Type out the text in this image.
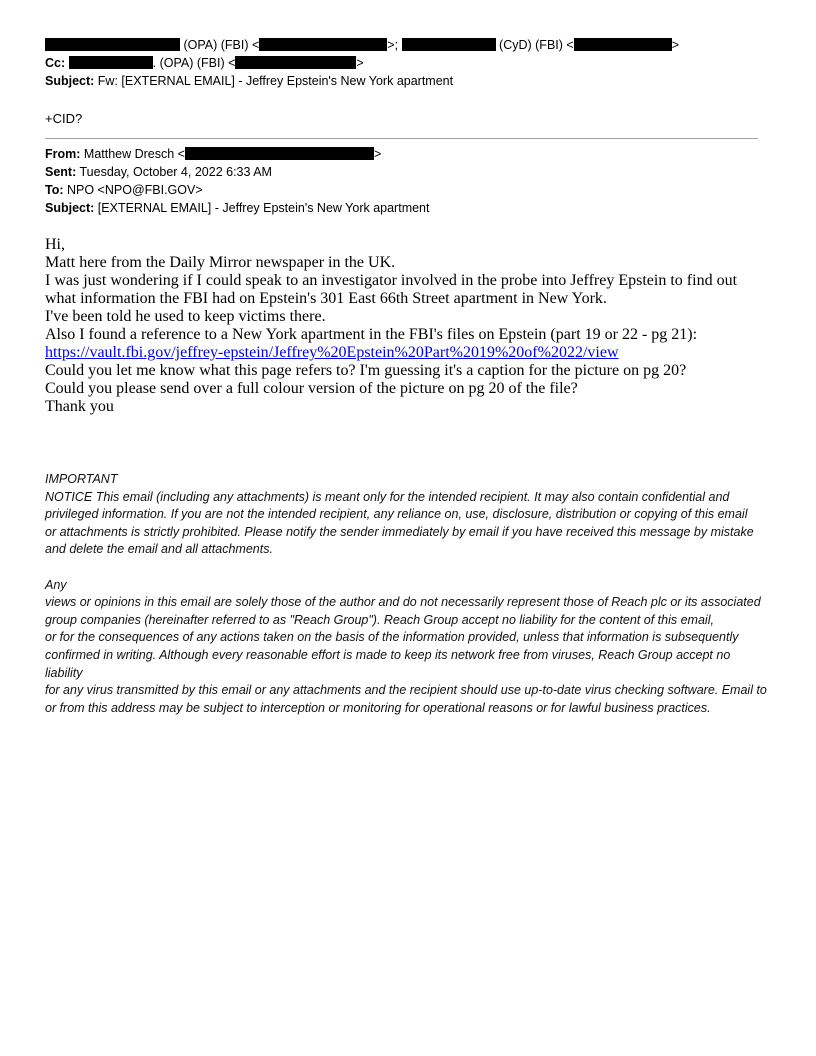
(OPA) (FBI) <	>;	(CyD) (FBI) <	>
Cc:	. (OPA) (FBI) <	>
Subject: Fw: [EXTERNAL EMAIL] - Jeffrey Epstein's New York apartment
+CID?
From: Matthew Dresch <	>
Sent: Tuesday, October 4, 2022 6:33 AM
To: NPO <NPO@FBI.GOV>
Subject: [EXTERNAL EMAIL] - Jeffrey Epstein's New York apartment

Hi,

Matt here from the Daily Mirror newspaper in the UK.

I was just wondering if I could speak to an investigator involved in the probe into Jeffrey Epstein to find out what information the FBI had on Epstein's 301 East 66th Street apartment in New York.

I've been told he used to keep victims there.

Also I found a reference to a New York apartment in the FBI's files on Epstein (part 19 or 22 - pg 21):

https://vault.fbi.gov/jeffrey-epstein/Jeffrey%20Epstein%20Part%2019%20of%2022/view

Could you let me know what this page refers to? I'm guessing it's a caption for the picture on pg 20?

Could you please send over a full colour version of the picture on pg 20 of the file?

Thank you

IMPORTANT

NOTICE This email (including any attachments) is meant only for the intended recipient. It may also contain confidential and privileged information. If you are not the intended recipient, any reliance on, use, disclosure, distribution or copying of this email

or attachments is strictly prohibited. Please notify the sender immediately by email if you have received this message by mistake and delete the email and all attachments.

Any

views or opinions in this email are solely those of the author and do not necessarily represent those of Reach plc or its associated group companies (hereinafter referred to as "Reach Group"). Reach Group accept no liability for the content of this email,

or for the consequences of any actions taken on the basis of the information provided, unless that information is subsequently confirmed in writing. Although every reasonable effort is made to keep its network free from viruses, Reach Group accept no liability

for any virus transmitted by this email or any attachments and the recipient should use up-to-date virus checking software. Email to or from this address may be subject to interception or monitoring for operational reasons or for lawful business practices.
